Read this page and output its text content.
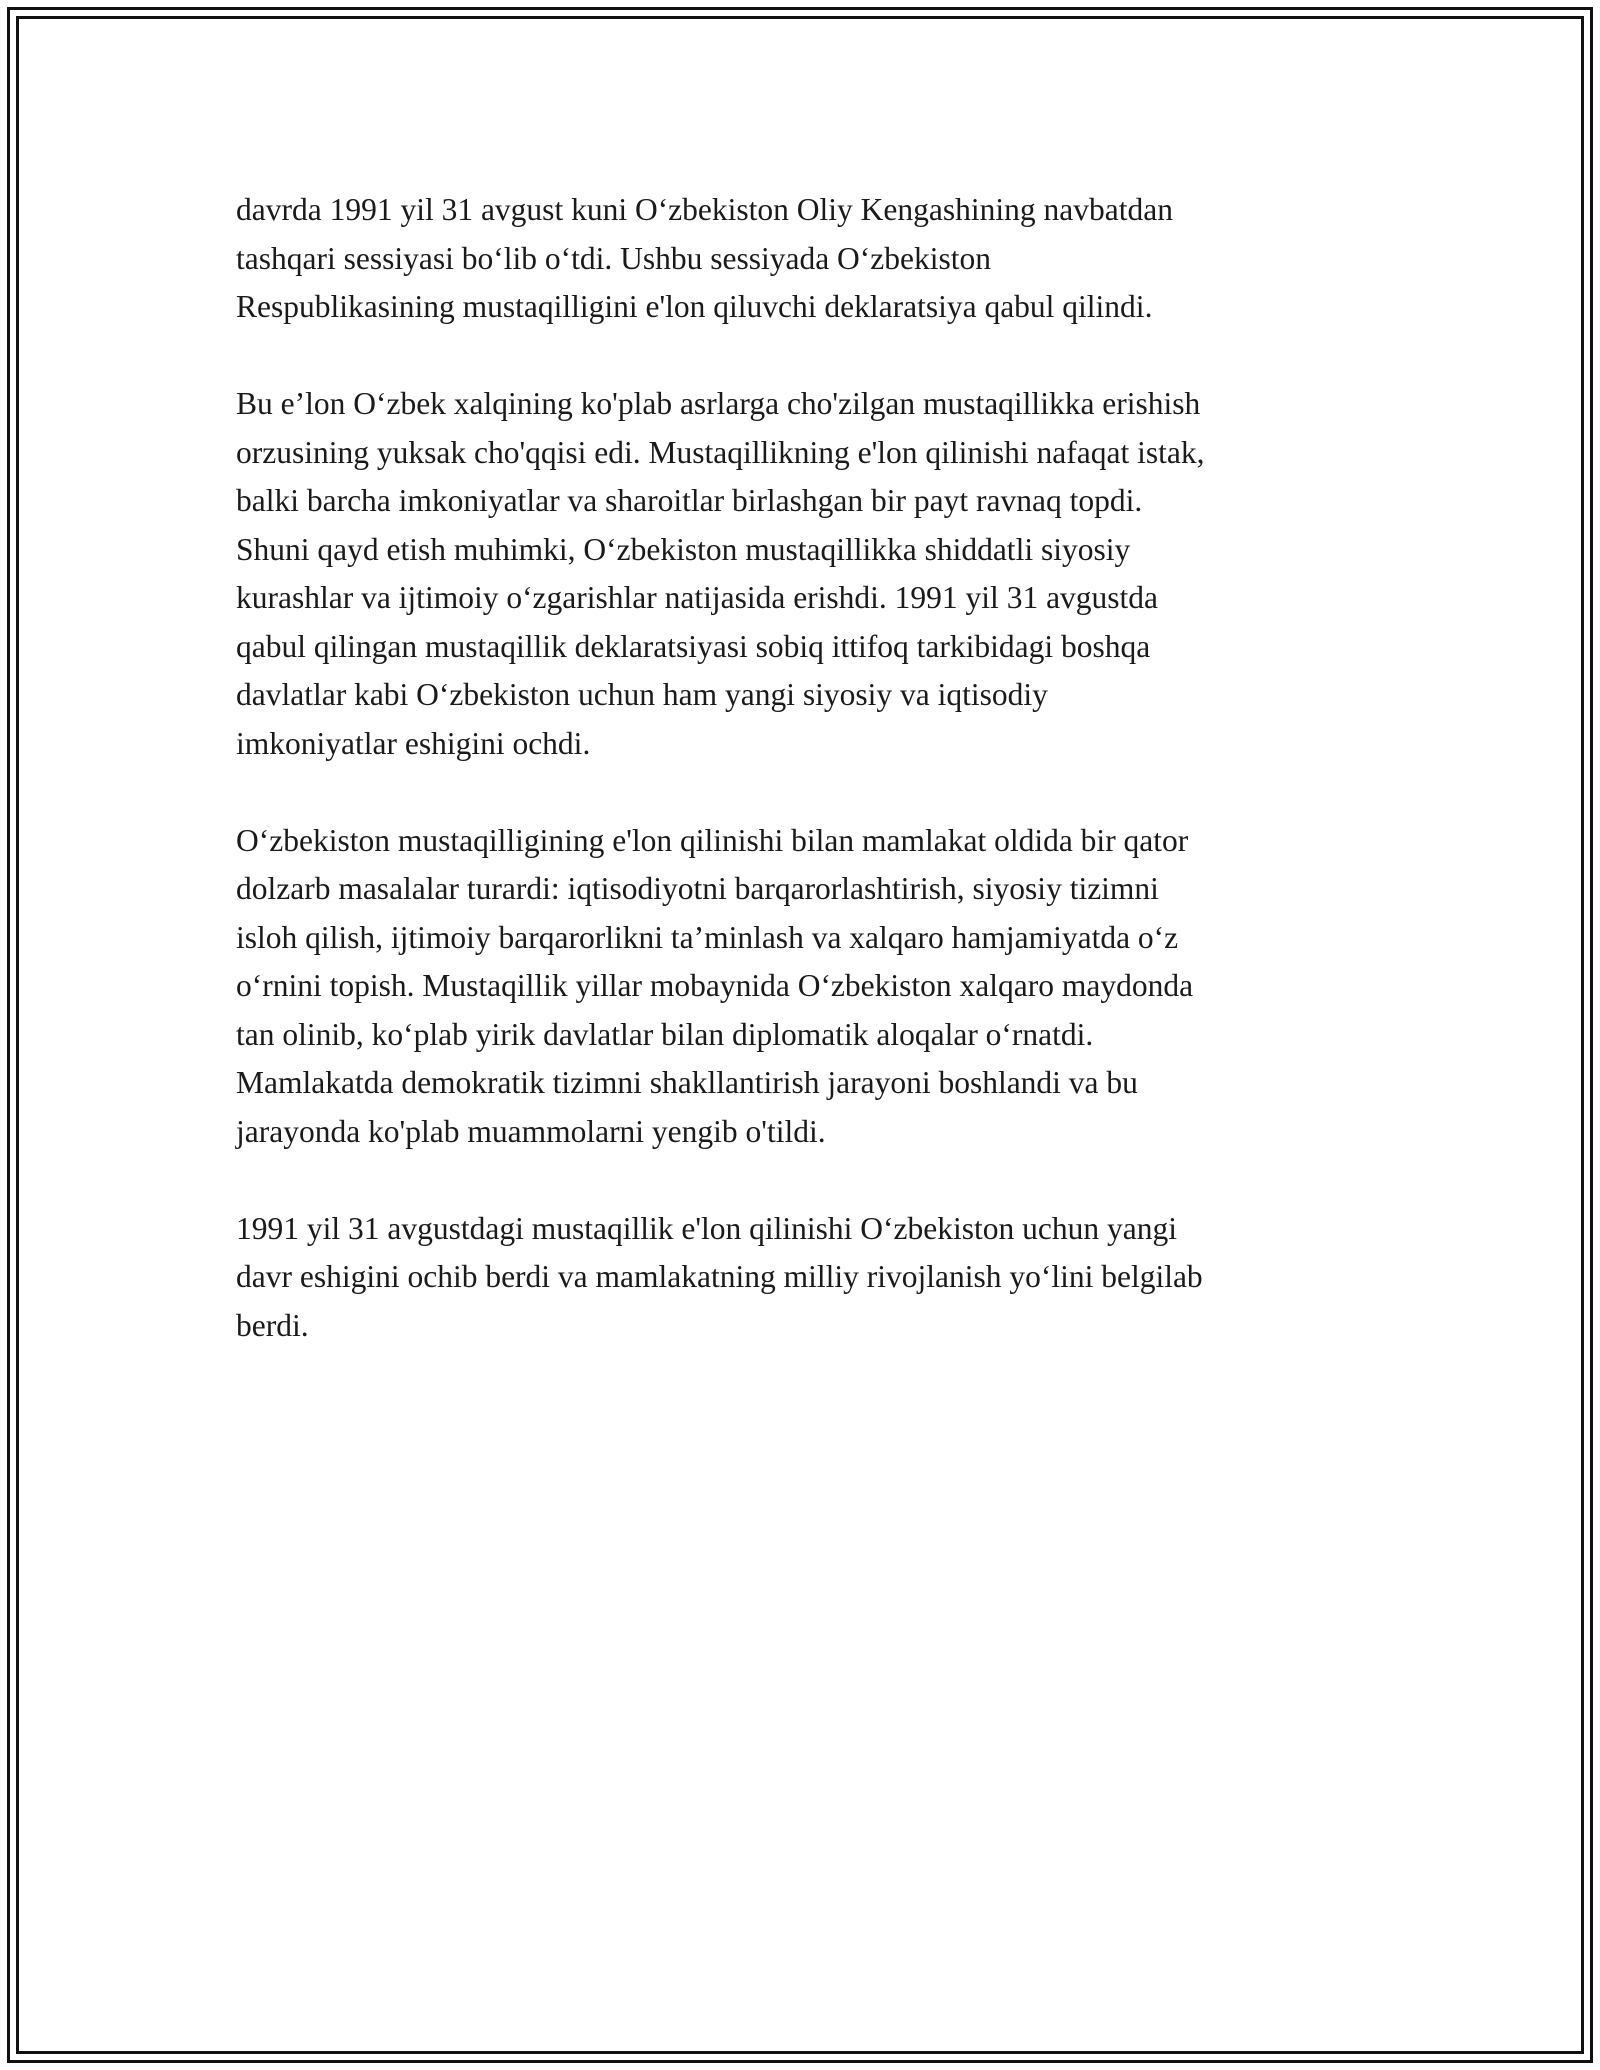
davrda 1991 yil 31 avgust kuni O‘zbekiston Oliy Kengashining navbatdan
tashqari sessiyasi bo‘lib o‘tdi. Ushbu sessiyada O‘zbekiston
Respublikasining mustaqilligini e'lon qiluvchi deklaratsiya qabul qilindi.

Bu e’lon O‘zbek xalqining ko'plab asrlarga cho'zilgan mustaqillikka erishish
orzusining yuksak cho'qqisi edi. Mustaqillikning e'lon qilinishi nafaqat istak,
balki barcha imkoniyatlar va sharoitlar birlashgan bir payt ravnaq topdi.
Shuni qayd etish muhimki, O‘zbekiston mustaqillikka shiddatli siyosiy
kurashlar va ijtimoiy o‘zgarishlar natijasida erishdi. 1991 yil 31 avgustda
qabul qilingan mustaqillik deklaratsiyasi sobiq ittifoq tarkibidagi boshqa
davlatlar kabi O‘zbekiston uchun ham yangi siyosiy va iqtisodiy
imkoniyatlar eshigini ochdi.

O‘zbekiston mustaqilligining e'lon qilinishi bilan mamlakat oldida bir qator
dolzarb masalalar turardi: iqtisodiyotni barqarorlashtirish, siyosiy tizimni
isloh qilish, ijtimoiy barqarorlikni ta’minlash va xalqaro hamjamiyatda o‘z
o‘rnini topish. Mustaqillik yillar mobaynida O‘zbekiston xalqaro maydonda
tan olinib, ko‘plab yirik davlatlar bilan diplomatik aloqalar o‘rnatdi.
Mamlakatda demokratik tizimni shakllantirish jarayoni boshlandi va bu
jarayonda ko'plab muammolarni yengib o'tildi.

1991 yil 31 avgustdagi mustaqillik e'lon qilinishi O‘zbekiston uchun yangi
davr eshigini ochib berdi va mamlakatning milliy rivojlanish yo‘lini belgilab
berdi.
